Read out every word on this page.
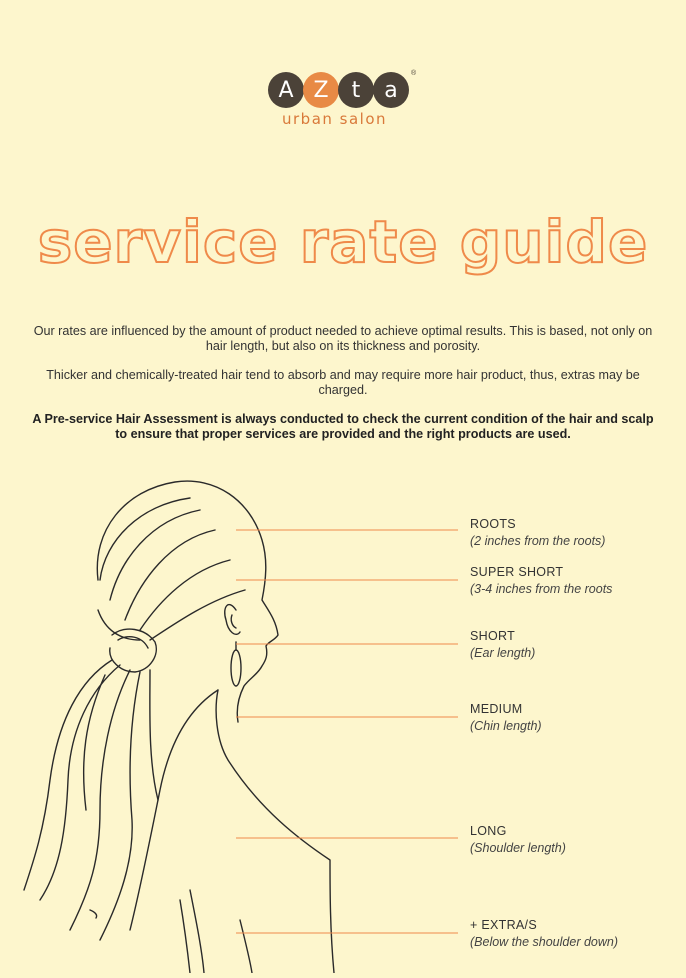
A Z	t	a
®
urban salon
service rate guide

Our rates are influenced by the amount of product needed to achieve optimal results. This is based, not only on hair length, but also on its thickness and porosity.

Thicker and chemically-treated hair tend to absorb and may require more hair product, thus, extras may be charged.

A Pre-service Hair Assessment is always conducted to check the current condition of the hair and scalp to ensure that proper services are provided and the right products are used.

ROOTS
(2 inches from the roots)
SUPER SHORT
(3-4 inches from the roots
SHORT
(Ear length)
MEDIUM
(Chin length)
LONG
(Shoulder length)
+ EXTRA/S
(Below the shoulder down)
